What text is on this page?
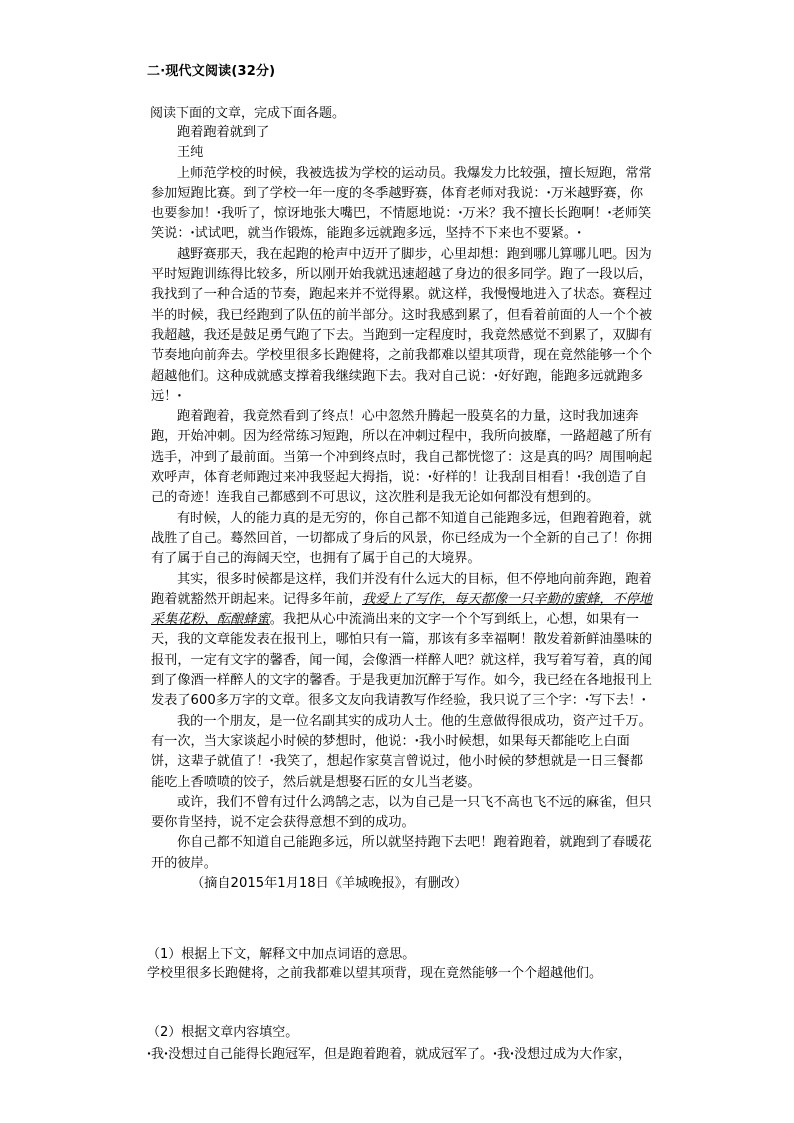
二·现代文阅读(32分)
阅读下面的文章，完成下面各题。

跑着跑着就到了

王纯

上师范学校的时候，我被选拔为学校的运动员。我爆发力比较强，擅长短跑，常常参加短跑比赛。到了学校一年一度的冬季越野赛，体育老师对我说：ꞏ万米越野赛，你也要参加！ꞏ我听了，惊讶地张大嘴巴，不情愿地说：ꞏ万米？我不擅长长跑啊！ꞏ老师笑笑说：ꞏ试试吧，就当作锻炼，能跑多远就跑多远，坚持不下来也不要紧。ꞏ

越野赛那天，我在起跑的枪声中迈开了脚步，心里却想：跑到哪儿算哪儿吧。因为平时短跑训练得比较多，所以刚开始我就迅速超越了身边的很多同学。跑了一段以后，我找到了一种合适的节奏，跑起来并不觉得累。就这样，我慢慢地进入了状态。赛程过半的时候，我已经跑到了队伍的前半部分。这时我感到累了，但看着前面的人一个个被我超越，我还是鼓足勇气跑了下去。当跑到一定程度时，我竟然感觉不到累了，双脚有节奏地向前奔去。学校里很多长跑健将，之前我都难以望其项背，现在竟然能够一个个超越他们。这种成就感支撑着我继续跑下去。我对自己说：ꞏ好好跑，能跑多远就跑多远！ꞏ

跑着跑着，我竟然看到了终点！心中忽然升腾起一股莫名的力量，这时我加速奔跑，开始冲刺。因为经常练习短跑，所以在冲刺过程中，我所向披靡，一路超越了所有选手，冲到了最前面。当第一个冲到终点时，我自己都恍惚了：这是真的吗？周围响起欢呼声，体育老师跑过来冲我竖起大拇指，说：ꞏ好样的！让我刮目相看！ꞏ我创造了自己的奇迹！连我自己都感到不可思议，这次胜利是我无论如何都没有想到的。

有时候，人的能力真的是无穷的，你自己都不知道自己能跑多远，但跑着跑着，就战胜了自己。蓦然回首，一切都成了身后的风景，你已经成为一个全新的自己了！你拥有了属于自己的海阔天空，也拥有了属于自己的大境界。

其实，很多时候都是这样，我们并没有什么远大的目标，但不停地向前奔跑，跑着跑着就豁然开朗起来。记得多年前，我爱上了写作，每天都像一只辛勤的蜜蜂，不停地采集花粉、酝酿蜂蜜。我把从心中流淌出来的文字一个个写到纸上，心想，如果有一天，我的文章能发表在报刊上，哪怕只有一篇，那该有多幸福啊！散发着新鲜油墨味的报刊，一定有文字的馨香，闻一闻，会像酒一样醉人吧？就这样，我写着写着，真的闻到了像酒一样醉人的文字的馨香。于是我更加沉醉于写作。如今，我已经在各地报刊上发表了600多万字的文章。很多文友向我请教写作经验，我只说了三个字：ꞏ写下去！ꞏ

我的一个朋友，是一位名副其实的成功人士。他的生意做得很成功，资产过千万。有一次，当大家谈起小时候的梦想时，他说：ꞏ我小时候想，如果每天都能吃上白面饼，这辈子就值了！ꞏ我笑了，想起作家莫言曾说过，他小时候的梦想就是一日三餐都能吃上香喷喷的饺子，然后就是想娶石匠的女儿当老婆。

或许，我们不曾有过什么鸿鹄之志，以为自己是一只飞不高也飞不远的麻雀，但只要你肯坚持，说不定会获得意想不到的成功。

你自己都不知道自己能跑多远，所以就坚持跑下去吧！跑着跑着，就跑到了春暖花开的彼岸。

（摘自2015年1月18日《羊城晚报》，有删改）

（1）根据上下文，解释文中加点词语的意思。

学校里很多长跑健将，之前我都难以望其项背，现在竟然能够一个个超越他们。

（2）根据文章内容填空。

ꞏ我ꞏ没想过自己能得长跑冠军，但是跑着跑着，就成冠军了。ꞏ我ꞏ没想过成为大作家，
